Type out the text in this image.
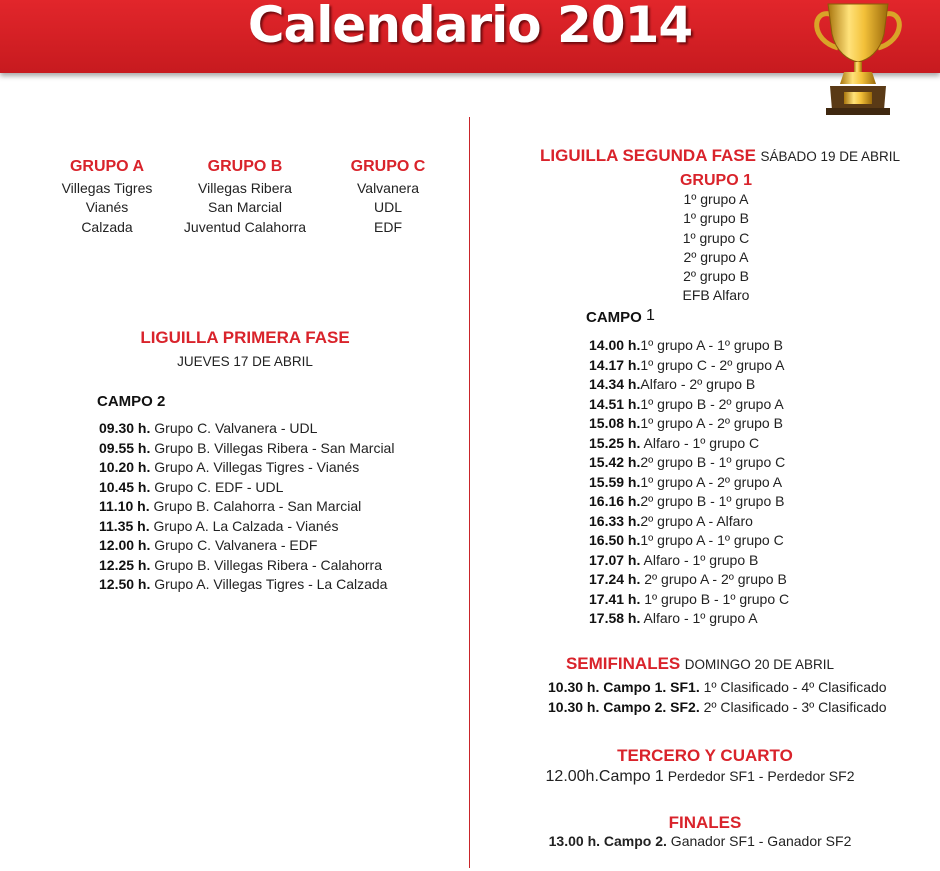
Calendario 2014
GRUPO A
Villegas Tigres
Vianés
Calzada
GRUPO B
Villegas Ribera
San Marcial
Juventud Calahorra
GRUPO C
Valvanera
UDL
EDF
LIGUILLA PRIMERA FASE
JUEVES 17 DE ABRIL
CAMPO 2
09.30 h. Grupo C. Valvanera - UDL
09.55 h. Grupo B. Villegas Ribera - San Marcial
10.20 h. Grupo A. Villegas Tigres - Vianés
10.45 h. Grupo C. EDF - UDL
11.10 h. Grupo B. Calahorra - San Marcial
11.35 h. Grupo A. La Calzada - Vianés
12.00 h. Grupo C. Valvanera - EDF
12.25 h. Grupo B. Villegas Ribera - Calahorra
12.50 h. Grupo A. Villegas Tigres - La Calzada
LIGUILLA SEGUNDA FASE SÁBADO 19 DE ABRIL
GRUPO 1
1º grupo A
1º grupo B
1º grupo C
2º grupo A
2º grupo B
EFB Alfaro
CAMPO 1
14.00 h.1º grupo A - 1º grupo B
14.17 h.1º grupo C - 2º grupo A
14.34 h.Alfaro - 2º grupo B
14.51 h.1º grupo B - 2º grupo A
15.08 h.1º grupo A - 2º grupo B
15.25 h. Alfaro - 1º grupo C
15.42 h.2º grupo B - 1º grupo C
15.59 h.1º grupo A - 2º grupo A
16.16 h.2º grupo B - 1º grupo B
16.33 h.2º grupo A - Alfaro
16.50 h.1º grupo A - 1º grupo C
17.07 h. Alfaro - 1º grupo B
17.24 h. 2º grupo A - 2º grupo B
17.41 h. 1º grupo B - 1º grupo C
17.58 h. Alfaro - 1º grupo A
SEMIFINALES DOMINGO 20 DE ABRIL
10.30 h. Campo 1. SF1. 1º Clasificado - 4º Clasificado
10.30 h. Campo 2. SF2. 2º Clasificado - 3º Clasificado
TERCERO Y CUARTO
12.00h.Campo 1 Perdedor SF1 - Perdedor SF2
FINALES
13.00 h. Campo 2. Ganador SF1 - Ganador SF2
